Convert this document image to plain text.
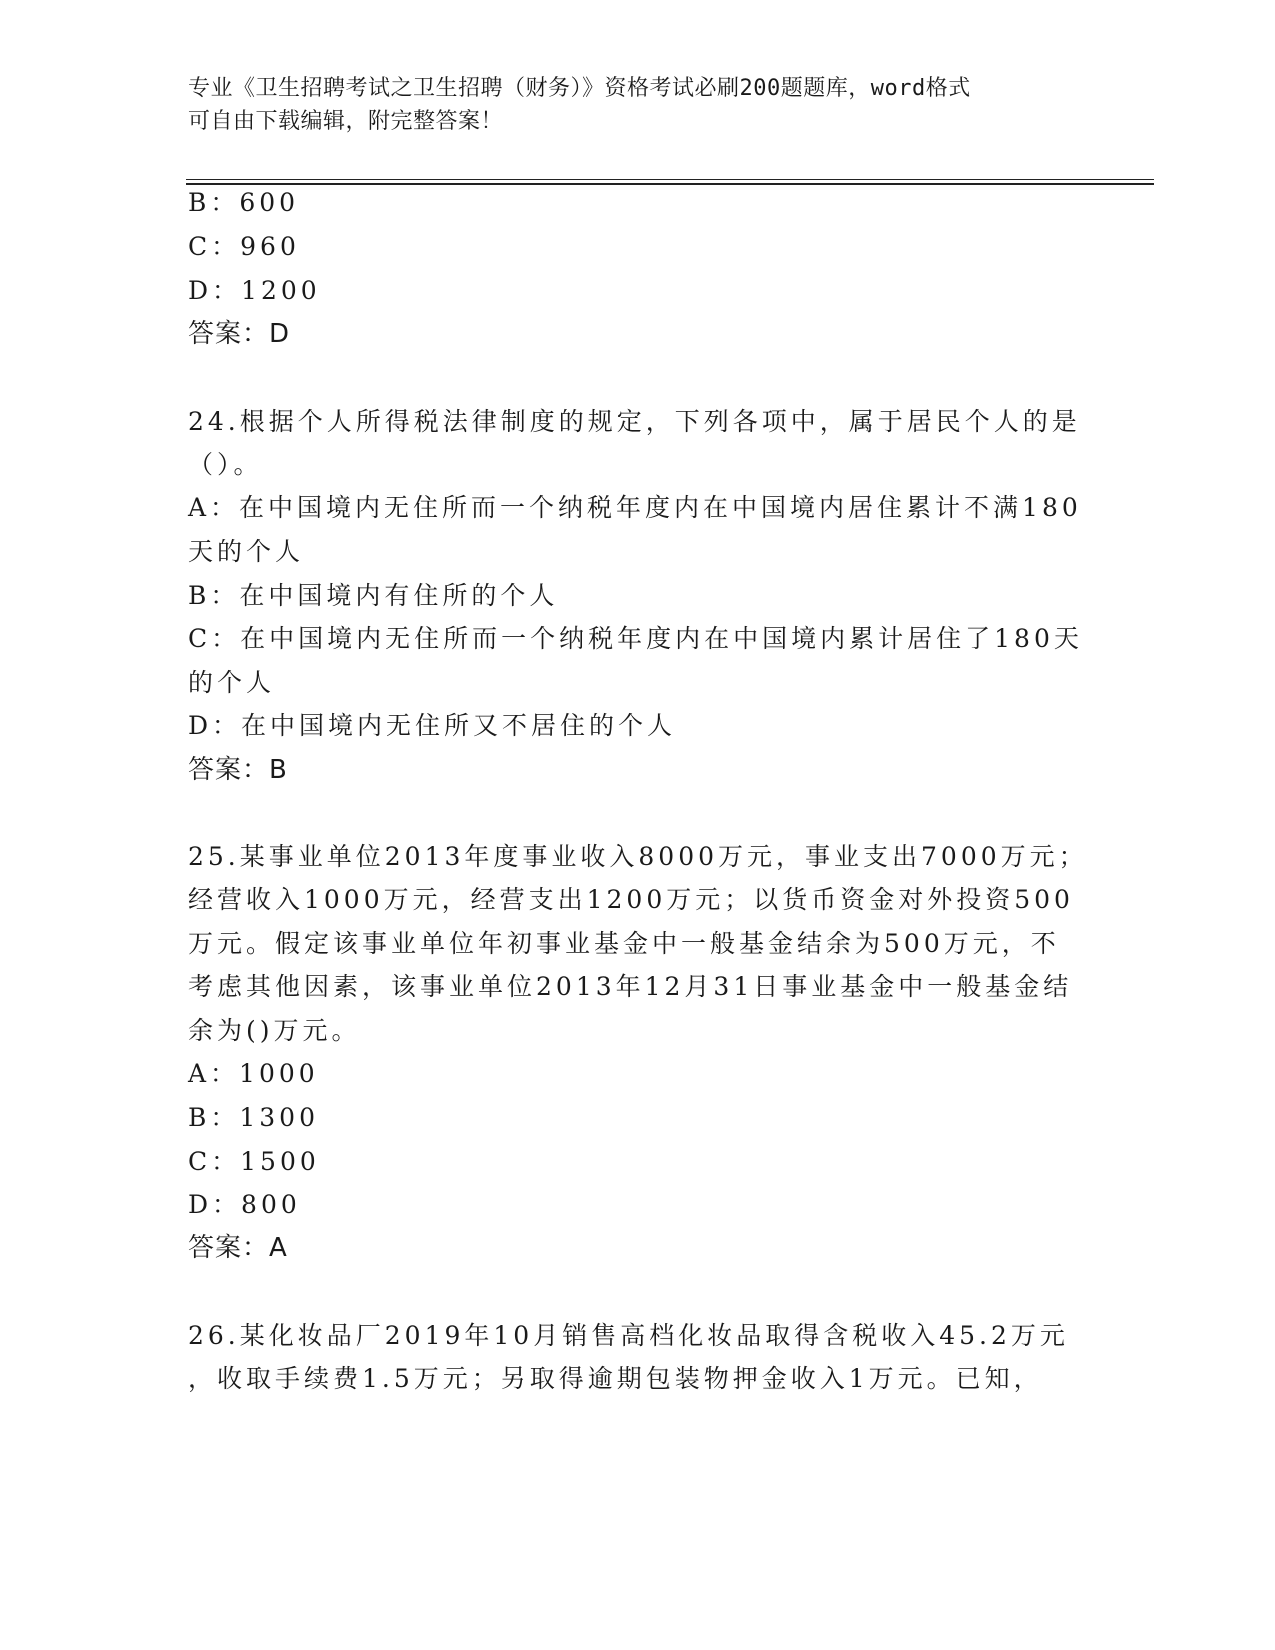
专业《卫生招聘考试之卫生招聘（财务）》资格考试必刷200题题库，word格式
可自由下载编辑，附完整答案！
B：600
C：960
D：1200
答案：D
24.根据个人所得税法律制度的规定，下列各项中，属于居民个人的是
（）。
A：在中国境内无住所而一个纳税年度内在中国境内居住累计不满180
天的个人
B：在中国境内有住所的个人
C：在中国境内无住所而一个纳税年度内在中国境内累计居住了180天
的个人
D：在中国境内无住所又不居住的个人
答案：B
25.某事业单位2013年度事业收入8000万元，事业支出7000万元；
经营收入1000万元，经营支出1200万元；以货币资金对外投资500
万元。假定该事业单位年初事业基金中一般基金结余为500万元，不
考虑其他因素，该事业单位2013年12月31日事业基金中一般基金结
余为()万元。
A：1000
B：1300
C：1500
D：800
答案：A
26.某化妆品厂2019年10月销售高档化妆品取得含税收入45.2万元
，收取手续费1.5万元；另取得逾期包装物押金收入1万元。已知，
